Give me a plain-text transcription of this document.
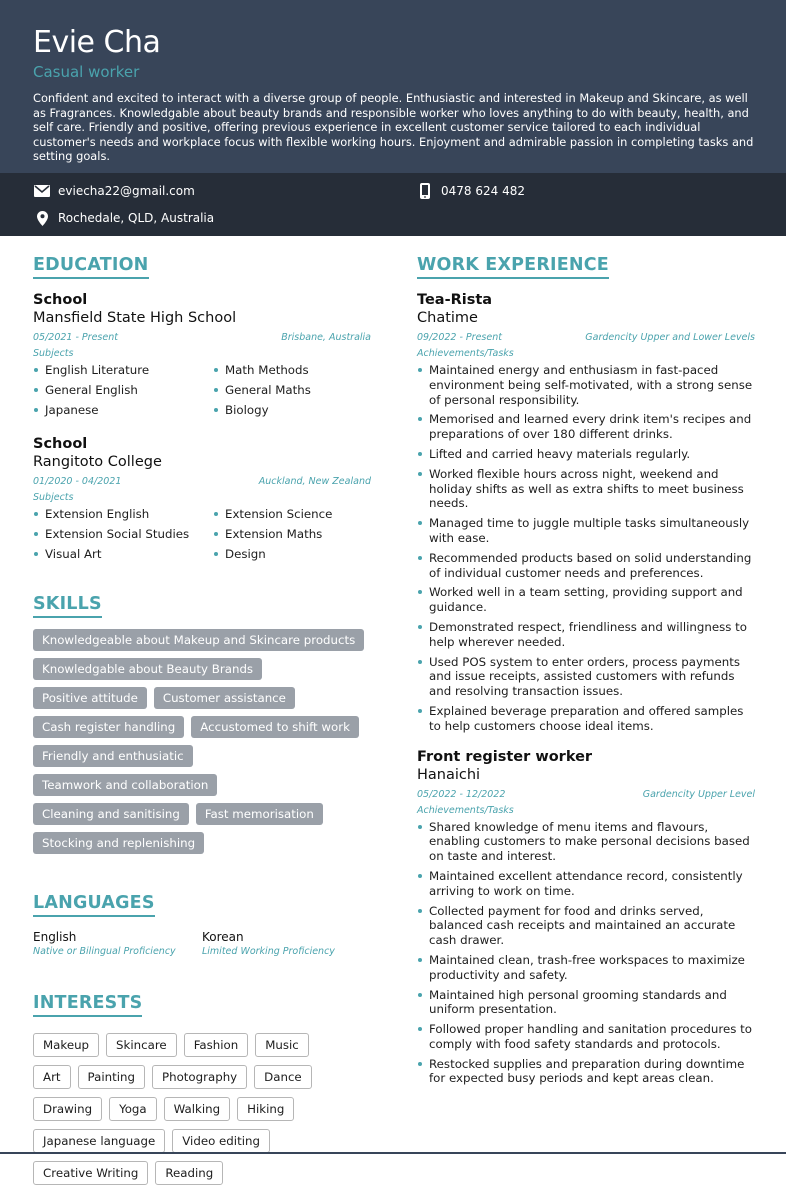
Evie Cha
Casual worker
Confident and excited to interact with a diverse group of people. Enthusiastic and interested in Makeup and Skincare, as well as Fragrances. Knowledgable about beauty brands and responsible worker who loves anything to do with beauty, health, and self care. Friendly and positive, offering previous experience in excellent customer service tailored to each individual customer's needs and workplace focus with flexible working hours. Enjoyment and admirable passion in completing tasks and setting goals.
eviecha22@gmail.com	0478 624 482
Rochedale, QLD, Australia
EDUCATION
School
Mansfield State High School
05/2021 - Present	Brisbane, Australia
Subjects
English Literature	Math Methods
General English	General Maths
Japanese	Biology
School
Rangitoto College
01/2020 - 04/2021	Auckland, New Zealand
Subjects
Extension English	Extension Science
Extension Social Studies	Extension Maths
Visual Art	Design
SKILLS
Knowledgeable about Makeup and Skincare products
Knowledgable about Beauty Brands
Positive attitude	Customer assistance
Cash register handling	Accustomed to shift work
Friendly and enthusiatic
Teamwork and collaboration
Cleaning and sanitising	Fast memorisation
Stocking and replenishing
LANGUAGES
English
Native or Bilingual Proficiency
Korean
Limited Working Proficiency
INTERESTS
Makeup	Skincare	Fashion	Music
Art	Painting	Photography	Dance
Drawing	Yoga	Walking	Hiking
Japanese language	Video editing
Creative Writing	Reading
WORK EXPERIENCE
Tea-Rista
Chatime
09/2022 - Present	Gardencity Upper and Lower Levels
Achievements/Tasks
Maintained energy and enthusiasm in fast-paced environment being self-motivated, with a strong sense of personal responsibility.
Memorised and learned every drink item's recipes and preparations of over 180 different drinks.
Lifted and carried heavy materials regularly.
Worked flexible hours across night, weekend and holiday shifts as well as extra shifts to meet business needs.
Managed time to juggle multiple tasks simultaneously with ease.
Recommended products based on solid understanding of individual customer needs and preferences.
Worked well in a team setting, providing support and guidance.
Demonstrated respect, friendliness and willingness to help wherever needed.
Used POS system to enter orders, process payments and issue receipts, assisted customers with refunds and resolving transaction issues.
Explained beverage preparation and offered samples to help customers choose ideal items.
Front register worker
Hanaichi
05/2022 - 12/2022	Gardencity Upper Level
Achievements/Tasks
Shared knowledge of menu items and flavours, enabling customers to make personal decisions based on taste and interest.
Maintained excellent attendance record, consistently arriving to work on time.
Collected payment for food and drinks served, balanced cash receipts and maintained an accurate cash drawer.
Maintained clean, trash-free workspaces to maximize productivity and safety.
Maintained high personal grooming standards and uniform presentation.
Followed proper handling and sanitation procedures to comply with food safety standards and protocols.
Restocked supplies and preparation during downtime for expected busy periods and kept areas clean.
